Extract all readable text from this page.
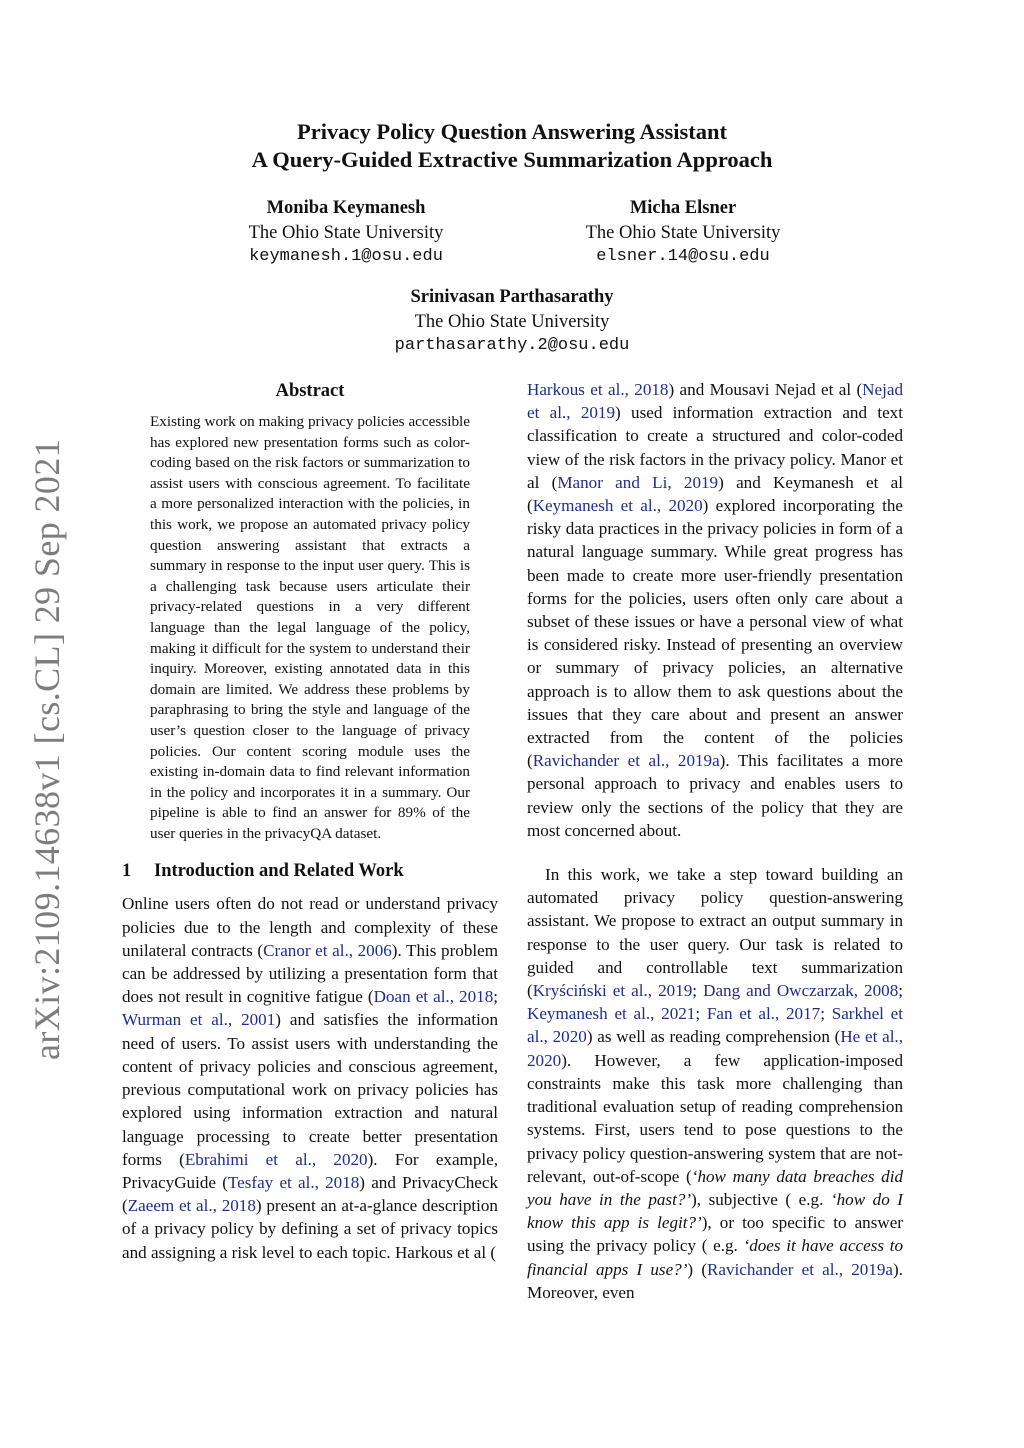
arXiv:2109.14638v1 [cs.CL] 29 Sep 2021
Privacy Policy Question Answering Assistant
A Query-Guided Extractive Summarization Approach
Moniba Keymanesh
The Ohio State University
keymanesh.1@osu.edu
Micha Elsner
The Ohio State University
elsner.14@osu.edu
Srinivasan Parthasarathy
The Ohio State University
parthasarathy.2@osu.edu
Abstract
Existing work on making privacy policies accessible has explored new presentation forms such as color-coding based on the risk factors or summarization to assist users with conscious agreement. To facilitate a more personalized interaction with the policies, in this work, we propose an automated privacy policy question answering assistant that extracts a summary in response to the input user query. This is a challenging task because users articulate their privacy-related questions in a very different language than the legal language of the policy, making it difficult for the system to understand their inquiry. Moreover, existing annotated data in this domain are limited. We address these problems by paraphrasing to bring the style and language of the user’s question closer to the language of privacy policies. Our content scoring module uses the existing in-domain data to find relevant information in the policy and incorporates it in a summary. Our pipeline is able to find an answer for 89% of the user queries in the privacyQA dataset.
1 Introduction and Related Work

Online users often do not read or understand privacy policies due to the length and complexity of these unilateral contracts (Cranor et al., 2006). This problem can be addressed by utilizing a presentation form that does not result in cognitive fatigue (Doan et al., 2018; Wurman et al., 2001) and satisfies the information need of users. To assist users with understanding the content of privacy policies and conscious agreement, previous computational work on privacy policies has explored using information extraction and natural language processing to create better presentation forms (Ebrahimi et al., 2020). For example, PrivacyGuide (Tesfay et al., 2018) and PrivacyCheck (Zaeem et al., 2018) present an at-a-glance description of a privacy policy by defining a set of privacy topics and assigning a risk level to each topic. Harkous et al (

Harkous et al., 2018) and Mousavi Nejad et al (Nejad et al., 2019) used information extraction and text classification to create a structured and color-coded view of the risk factors in the privacy policy. Manor et al (Manor and Li, 2019) and Keymanesh et al (Keymanesh et al., 2020) explored incorporating the risky data practices in the privacy policies in form of a natural language summary. While great progress has been made to create more user-friendly presentation forms for the policies, users often only care about a subset of these issues or have a personal view of what is considered risky. Instead of presenting an overview or summary of privacy policies, an alternative approach is to allow them to ask questions about the issues that they care about and present an answer extracted from the content of the policies (Ravichander et al., 2019a). This facilitates a more personal approach to privacy and enables users to review only the sections of the policy that they are most concerned about.

In this work, we take a step toward building an automated privacy policy question-answering assistant. We propose to extract an output summary in response to the user query. Our task is related to guided and controllable text summarization (Kryściński et al., 2019; Dang and Owczarzak, 2008; Keymanesh et al., 2021; Fan et al., 2017; Sarkhel et al., 2020) as well as reading comprehension (He et al., 2020). However, a few application-imposed constraints make this task more challenging than traditional evaluation setup of reading comprehension systems. First, users tend to pose questions to the privacy policy question-answering system that are not-relevant, out-of-scope (‘how many data breaches did you have in the past?’), subjective ( e.g. ‘how do I know this app is legit?’), or too specific to answer using the privacy policy ( e.g. ‘does it have access to financial apps I use?’) (Ravichander et al., 2019a). Moreover, even
